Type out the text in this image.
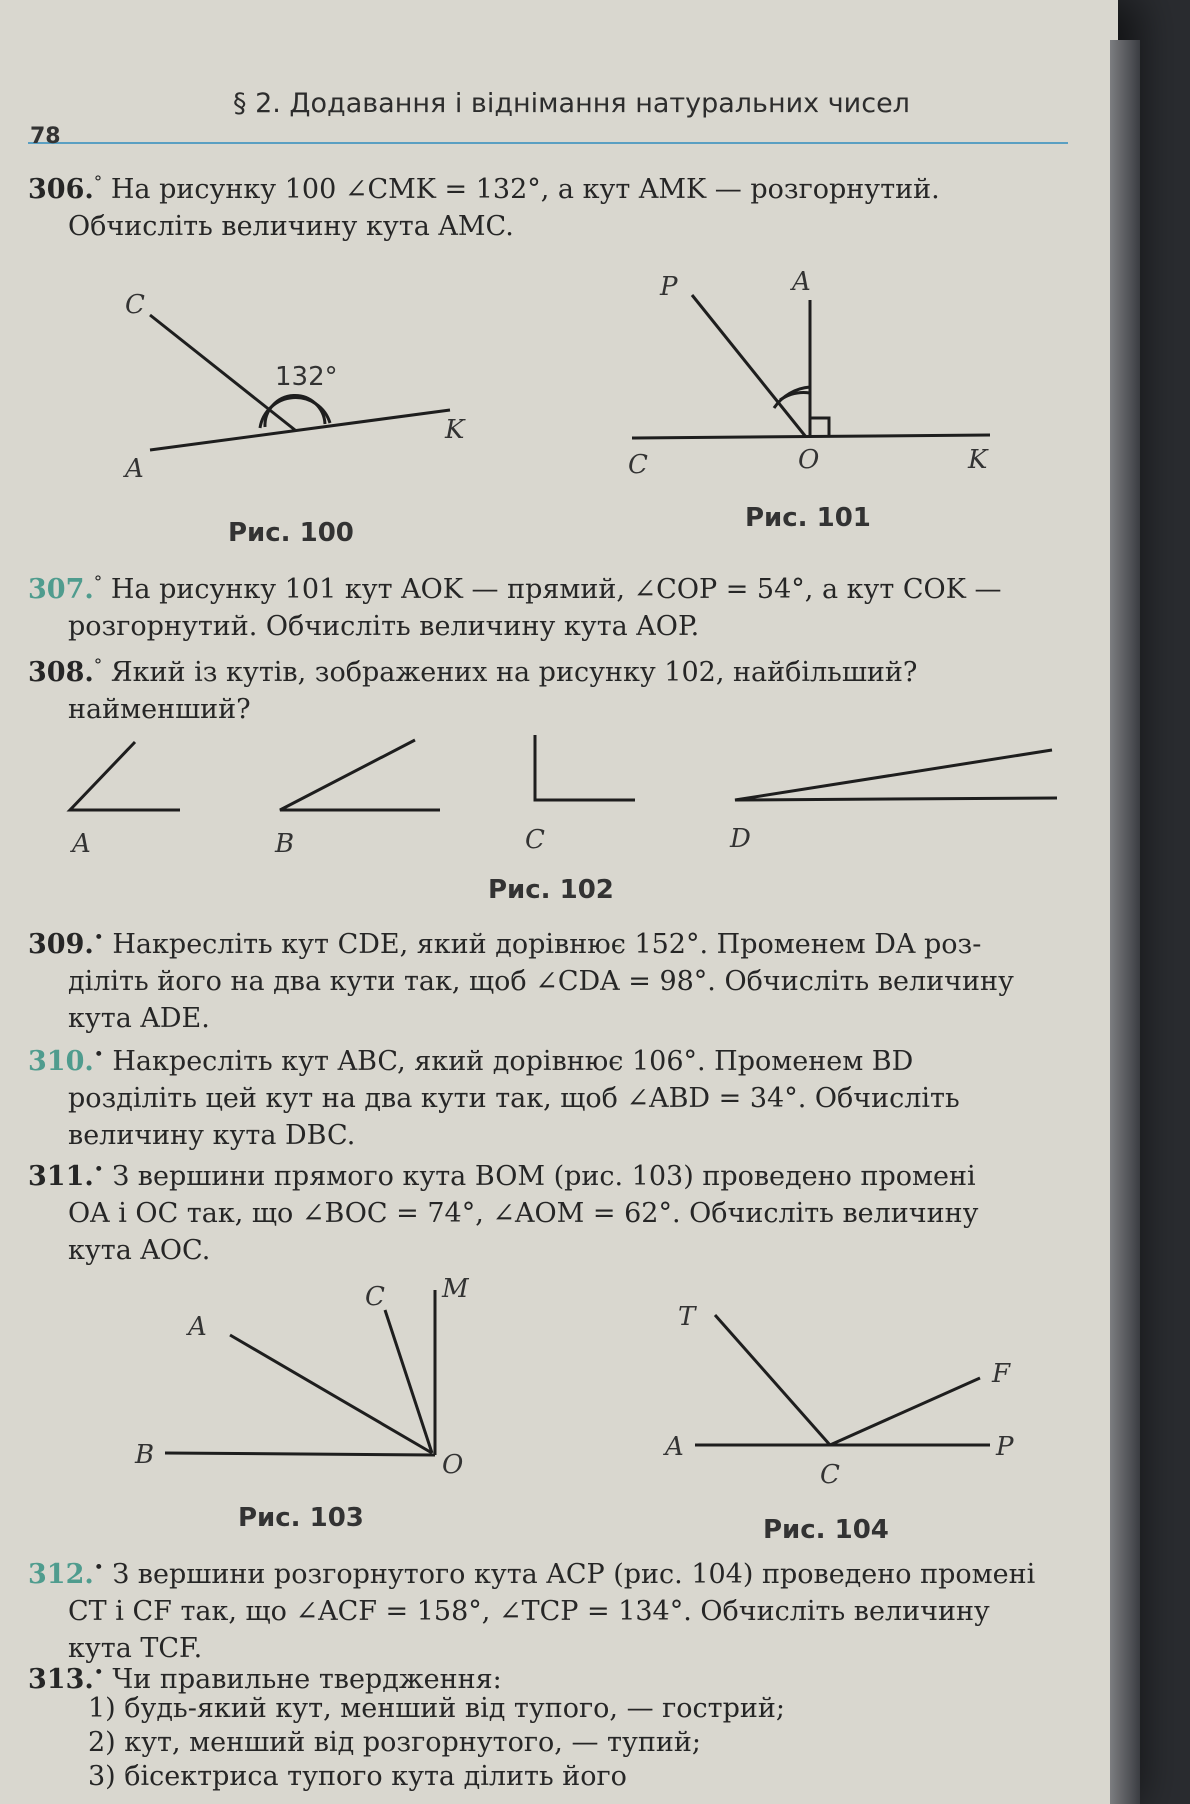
78
§ 2. Додавання і віднімання натуральних чисел
306.° На рисунку 100 ∠CMK = 132°, а кут AMK — розгорнутий.
Обчисліть величину кута AMC.
C
A
K
132°
Рис. 100
P	A
C	O	K
Рис. 101
307.° На рисунку 101 кут AOK — прямий, ∠COP = 54°, а кут COK —
розгорнутий. Обчисліть величину кута AOP.
308.° Який із кутів, зображених на рисунку 102, найбільший?
найменший?
A	B	C	D
Рис. 102
309.• Накресліть кут CDE, який дорівнює 152°. Променем DA роз-
діліть його на два кути так, щоб ∠CDA = 98°. Обчисліть величину
кута ADE.
310.• Накресліть кут ABC, який дорівнює 106°. Променем BD
розділіть цей кут на два кути так, щоб ∠ABD = 34°. Обчисліть
величину кута DBC.
311.• З вершини прямого кута BOM (рис. 103) проведено промені
OA і OC так, що ∠BOC = 74°, ∠AOM = 62°. Обчисліть величину
кута AOC.
A
C M
B	O
Рис. 103
T
F
A
C
P
Рис. 104
312.• З вершини розгорнутого кута ACP (рис. 104) проведено промені
CT і CF так, що ∠ACF = 158°, ∠TCP = 134°. Обчисліть величину
кута TCF.
313.• Чи правильне твердження:
1) будь-який кут, менший від тупого, — гострий;
2) кут, менший від розгорнутого, — тупий;
3) бісектриса тупого кута ділить його
